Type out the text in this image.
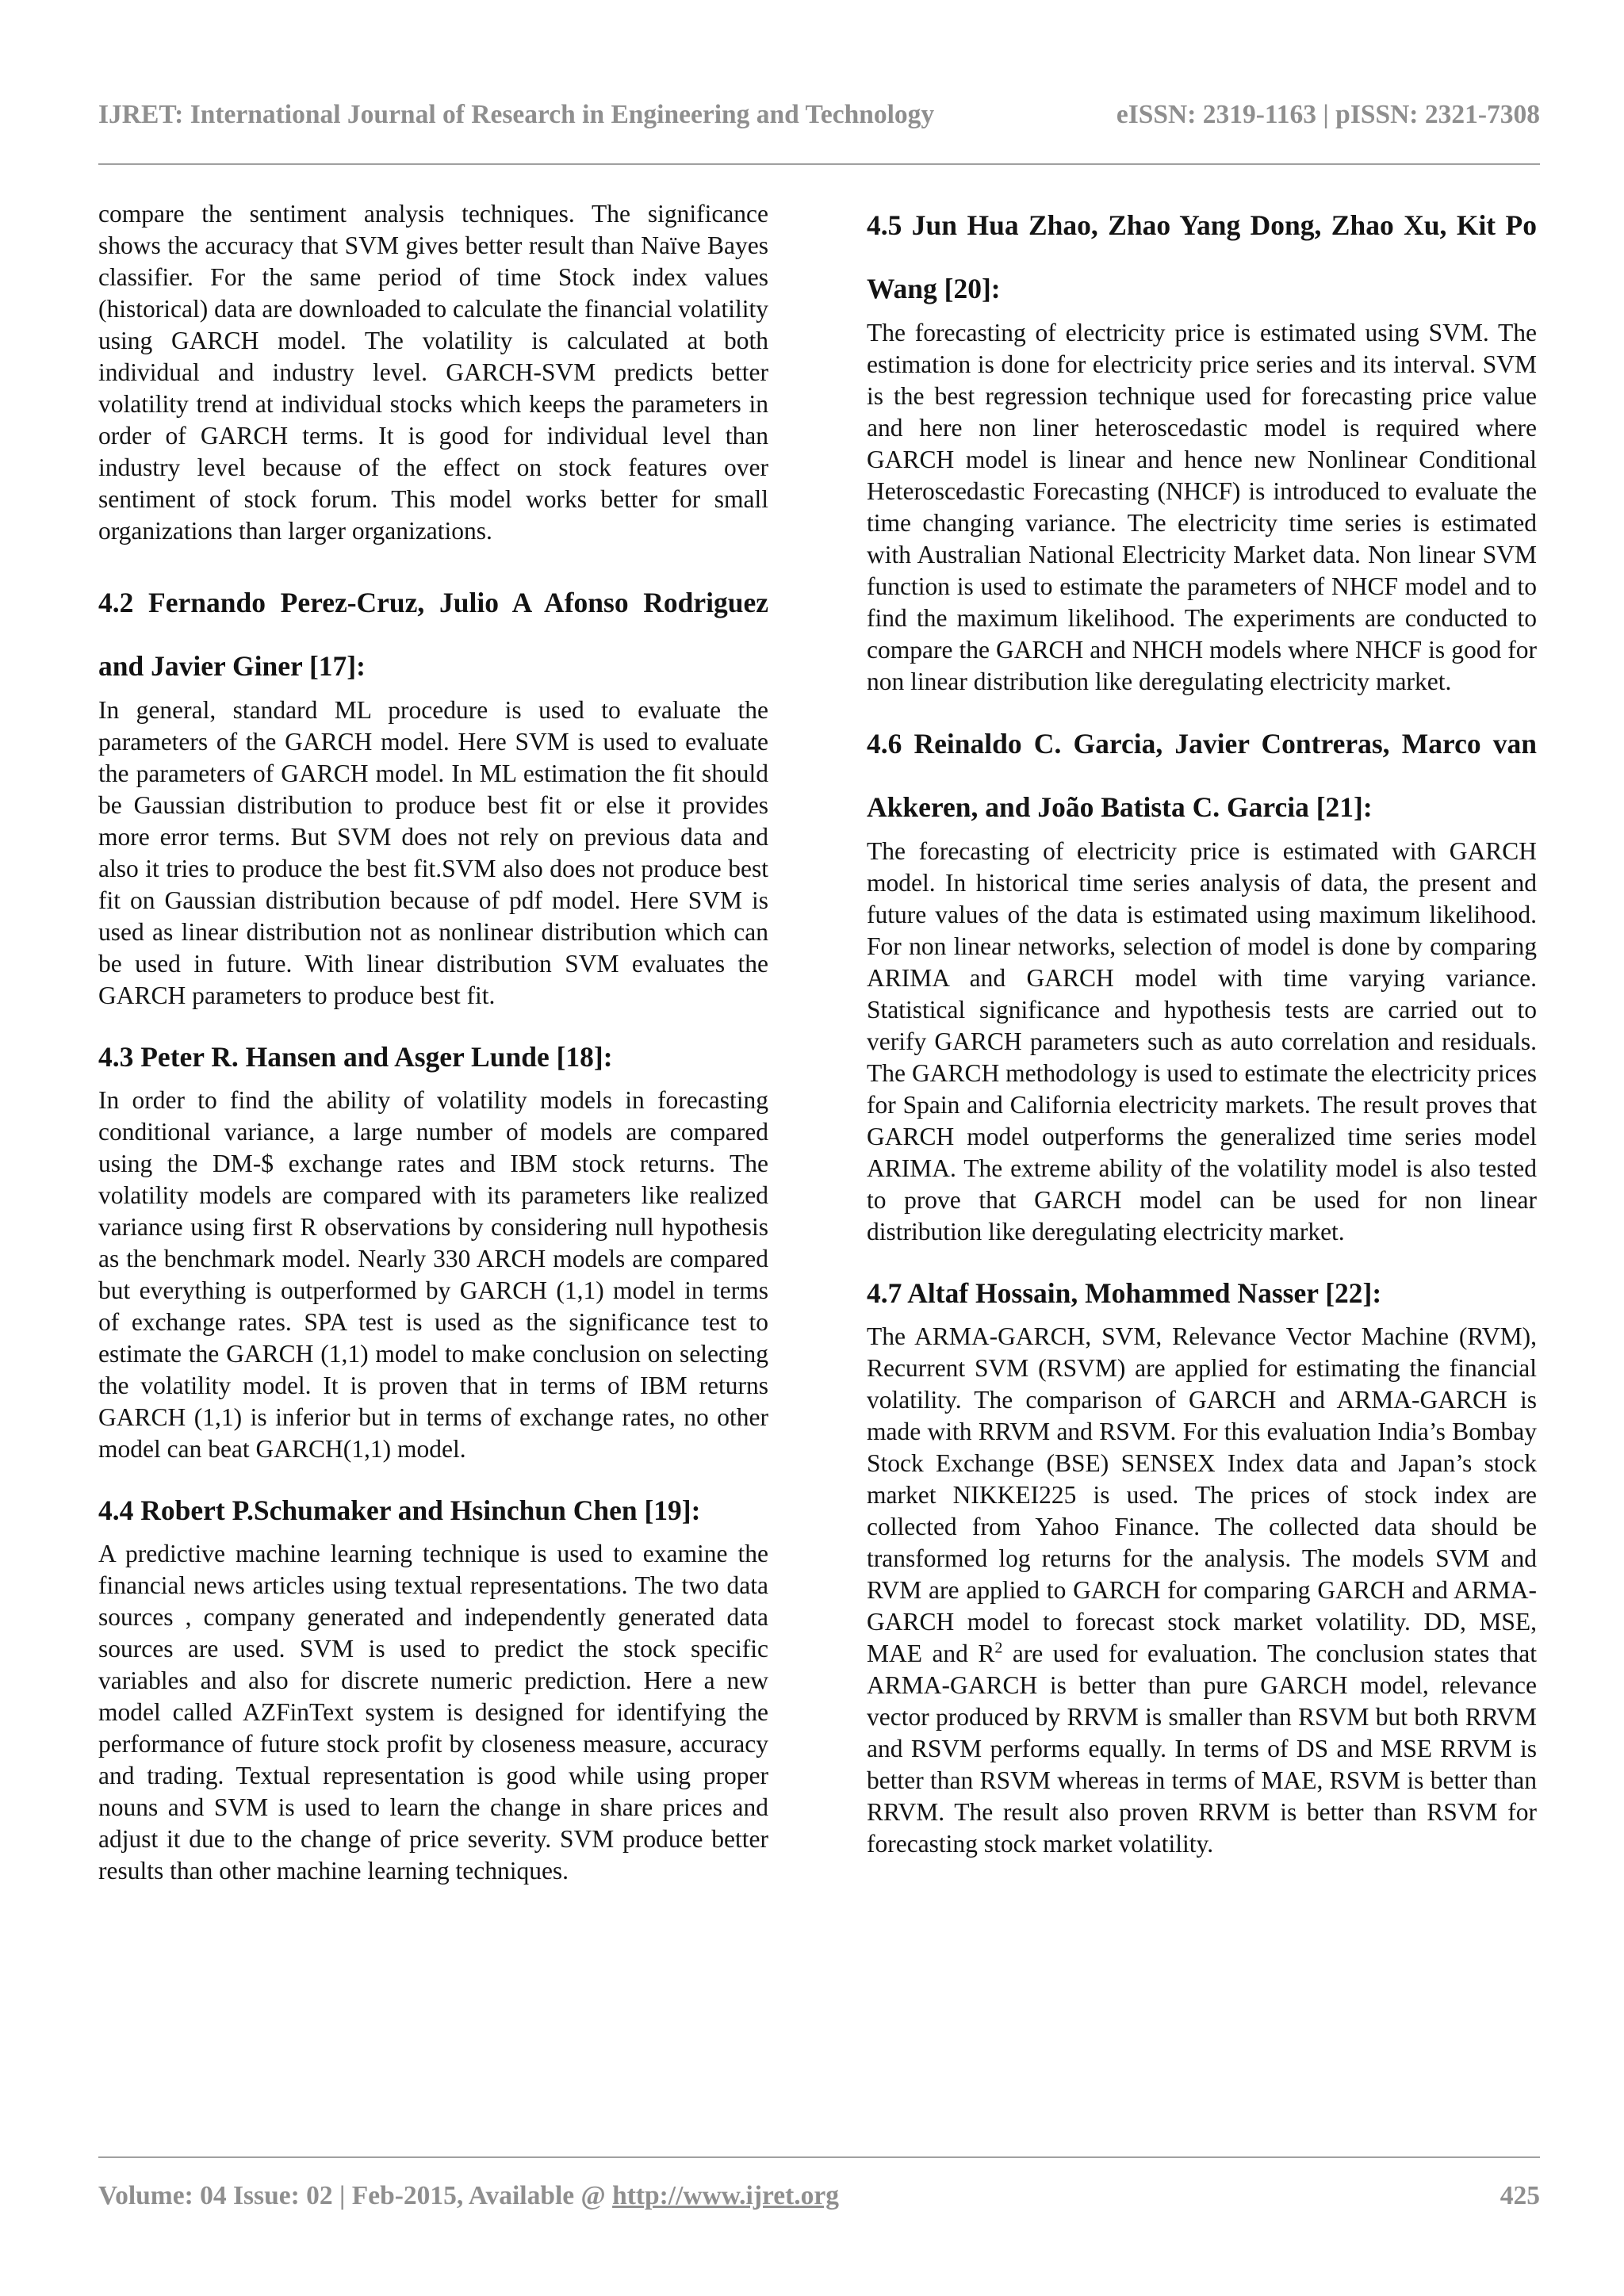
IJRET: International Journal of Research in Engineering and Technology	eISSN: 2319-1163 | pISSN: 2321-7308

compare the sentiment analysis techniques. The significance shows the accuracy that SVM gives better result than Naïve Bayes classifier. For the same period of time Stock index values (historical) data are downloaded to calculate the financial volatility using GARCH model. The volatility is calculated at both individual and industry level. GARCH-SVM predicts better volatility trend at individual stocks which keeps the parameters in order of GARCH terms. It is good for individual level than industry level because of the effect on stock features over sentiment of stock forum. This model works better for small organizations than larger organizations.

4.2 Fernando Perez-Cruz, Julio A Afonso Rodriguez and Javier Giner [17]:

In general, standard ML procedure is used to evaluate the parameters of the GARCH model. Here SVM is used to evaluate the parameters of GARCH model. In ML estimation the fit should be Gaussian distribution to produce best fit or else it provides more error terms. But SVM does not rely on previous data and also it tries to produce the best fit.SVM also does not produce best fit on Gaussian distribution because of pdf model. Here SVM is used as linear distribution not as nonlinear distribution which can be used in future. With linear distribution SVM evaluates the GARCH parameters to produce best fit.

4.3 Peter R. Hansen and Asger Lunde [18]:

In order to find the ability of volatility models in forecasting conditional variance, a large number of models are compared using the DM-$ exchange rates and IBM stock returns. The volatility models are compared with its parameters like realized variance using first R observations by considering null hypothesis as the benchmark model. Nearly 330 ARCH models are compared but everything is outperformed by GARCH (1,1) model in terms of exchange rates. SPA test is used as the significance test to estimate the GARCH (1,1) model to make conclusion on selecting the volatility model. It is proven that in terms of IBM returns GARCH (1,1) is inferior but in terms of exchange rates, no other model can beat GARCH(1,1) model.

4.4 Robert P.Schumaker and Hsinchun Chen [19]:

A predictive machine learning technique is used to examine the financial news articles using textual representations. The two data sources , company generated and independently generated data sources are used. SVM is used to predict the stock specific variables and also for discrete numeric prediction. Here a new model called AZFinText system is designed for identifying the performance of future stock profit by closeness measure, accuracy and trading. Textual representation is good while using proper nouns and SVM is used to learn the change in share prices and adjust it due to the change of price severity. SVM produce better results than other machine learning techniques.

4.5 Jun Hua Zhao, Zhao Yang Dong, Zhao Xu, Kit Po Wang [20]:

The forecasting of electricity price is estimated using SVM. The estimation is done for electricity price series and its interval. SVM is the best regression technique used for forecasting price value and here non liner heteroscedastic model is required where GARCH model is linear and hence new Nonlinear Conditional Heteroscedastic Forecasting (NHCF) is introduced to evaluate the time changing variance. The electricity time series is estimated with Australian National Electricity Market data. Non linear SVM function is used to estimate the parameters of NHCF model and to find the maximum likelihood. The experiments are conducted to compare the GARCH and NHCH models where NHCF is good for non linear distribution like deregulating electricity market.

4.6 Reinaldo C. Garcia, Javier Contreras, Marco van Akkeren, and João Batista C. Garcia [21]:

The forecasting of electricity price is estimated with GARCH model. In historical time series analysis of data, the present and future values of the data is estimated using maximum likelihood. For non linear networks, selection of model is done by comparing ARIMA and GARCH model with time varying variance. Statistical significance and hypothesis tests are carried out to verify GARCH parameters such as auto correlation and residuals. The GARCH methodology is used to estimate the electricity prices for Spain and California electricity markets. The result proves that GARCH model outperforms the generalized time series model ARIMA. The extreme ability of the volatility model is also tested to prove that GARCH model can be used for non linear distribution like deregulating electricity market.

4.7 Altaf Hossain, Mohammed Nasser [22]:

The ARMA-GARCH, SVM, Relevance Vector Machine (RVM), Recurrent SVM (RSVM) are applied for estimating the financial volatility. The comparison of GARCH and ARMA-GARCH is made with RRVM and RSVM. For this evaluation India’s Bombay Stock Exchange (BSE) SENSEX Index data and Japan’s stock market NIKKEI225 is used. The prices of stock index are collected from Yahoo Finance. The collected data should be transformed log returns for the analysis. The models SVM and RVM are applied to GARCH for comparing GARCH and ARMA-GARCH model to forecast stock market volatility. DD, MSE, MAE and $R^2$ are used for evaluation. The conclusion states that ARMA-GARCH is better than pure GARCH model, relevance vector produced by RRVM is smaller than RSVM but both RRVM and RSVM performs equally. In terms of DS and MSE RRVM is better than RSVM whereas in terms of MAE, RSVM is better than RRVM. The result also proven RRVM is better than RSVM for forecasting stock market volatility.

Volume: 04 Issue: 02 | Feb-2015, Available @ http://www.ijret.org	425
